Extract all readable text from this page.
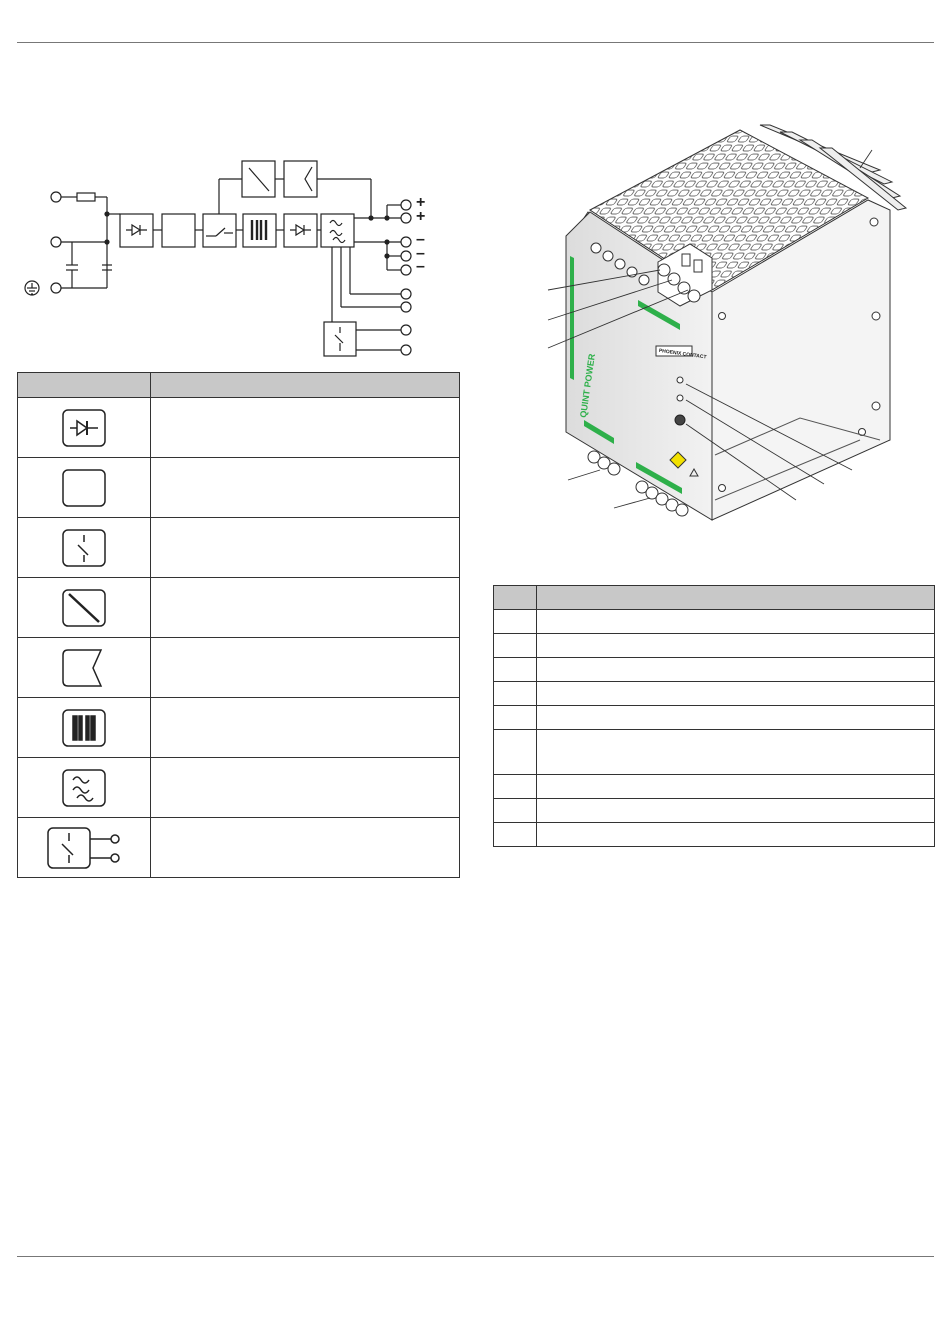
+
+
–
–
–

QUINT POWER	PHOENIX CONTACT
